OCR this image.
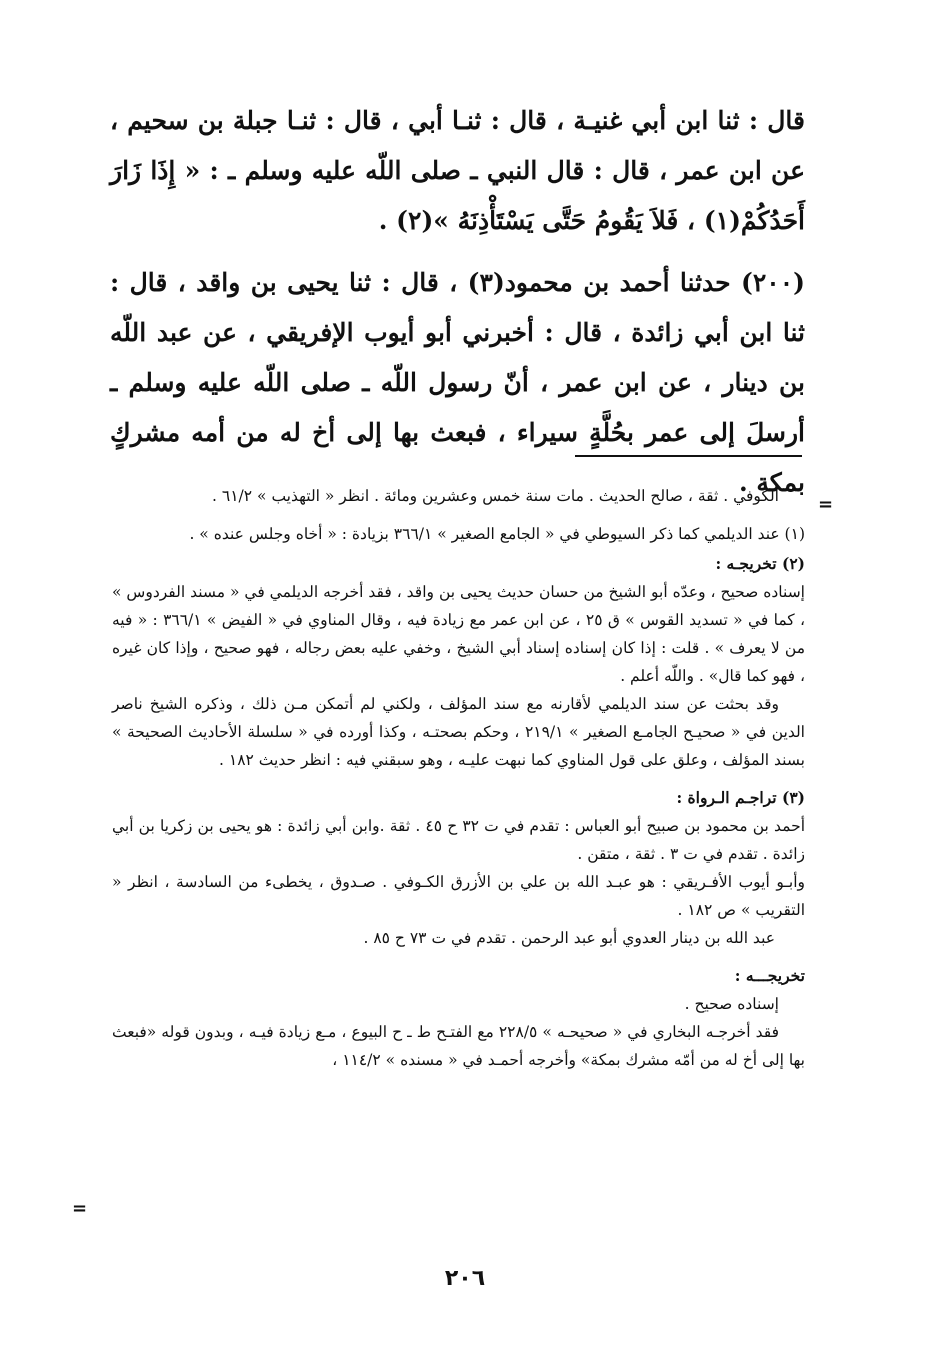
قال : ثنا ابن أبي غنيـة ، قال : ثنـا أبي ، قال : ثنـا جبلة بن سحيم ، عن ابن عمر ، قال : قال النبي ـ صلى اللّه عليه وسلم ـ : « إِذَا زَارَ أَحَدُكُمْ(١) ، فَلاَ يَقُومُ حَتَّى يَسْتَأْذِنَهُ »(٢) .

(٢٠٠) حدثنا أحمد بن محمود(٣) ، قال : ثنا يحيى بن واقد ، قال : ثنا ابن أبي زائدة ، قال : أخبرني أبو أيوب الإفريقي ، عن عبد اللّه بن دينار ، عن ابن عمر ، أنّ رسول اللّه ـ صلى اللّه عليه وسلم ـ أرسلَ إلى عمر بحُلَّةٍ سيراء ، فبعث بها إلى أخ له من أمه مشركٍ بمكة .

=

الكوفي . ثقة ، صالح الحديث . مات سنة خمس وعشرين ومائة . انظر « التهذيب » ٦١/٢ .

(١) عند الديلمي كما ذكر السيوطي في « الجامع الصغير » ٣٦٦/١ بزيادة : « أخاه وجلس عنده » .

(٢) تخريجـه :

إسناده صحيح ، وعدّه أبو الشيخ من حسان حديث يحيى بن واقد ، فقد أخرجه الديلمي في « مسند الفردوس » ، كما في « تسديد القوس » ق ٢٥ ، عن ابن عمر مع زيادة فيه ، وقال المناوي في « الفيض » ٣٦٦/١ : « فيه من لا يعرف » . قلت : إذا كان إسناده إسناد أبي الشيخ ، وخفي عليه بعض رجاله ، فهو صحيح ، وإذا كان غيره ، فهو كما قال» . واللّه أعلم .

وقد بحثت عن سند الديلمي لأقارنه مع سند المؤلف ، ولكني لم أتمكن مـن ذلك ، وذكره الشيخ ناصر الدين في « صحيـح الجامـع الصغير » ٢١٩/١ ، وحكم بصحتـه ، وكذا أورده في « سلسلة الأحاديث الصحيحة » بسند المؤلف ، وعلق على قول المناوي كما نبهت عليـه ، وهو سبقني فيه : انظر حديث ١٨٢ .

(٣) تراجـم الـرواة :

أحمد بن محمود بن صبيح أبو العباس : تقدم في ت ٣٢ ح ٤٥ . ثقة .وابن أبي زائدة : هو يحيى بن زكريا بن أبي زائدة . تقدم في ت ٣ . ثقة ، متقن .

وأبـو أيوب الأفـريقي : هو عبـد الله بن علي بن الأزرق الكـوفي . صـدوق ، يخطىء من السادسة ، انظر « التقريب » ص ١٨٢ .

عبد الله بن دينار العدوي أبو عبد الرحمن . تقدم في ت ٧٣ ح ٨٥ .

تخريجـــه :

إسناده صحيح .

فقد أخرجـه البخاري في « صحيحـه » ٢٢٨/٥ مع الفتـح ط ـ ح البيوع ، مـع زيادة فيـه ، وبدون قوله «فبعث بها إلى أخ له من أمّه مشرك بمكة» وأخرجه أحمـد في « مسنده » ١١٤/٢ ،

=
٢٠٦
